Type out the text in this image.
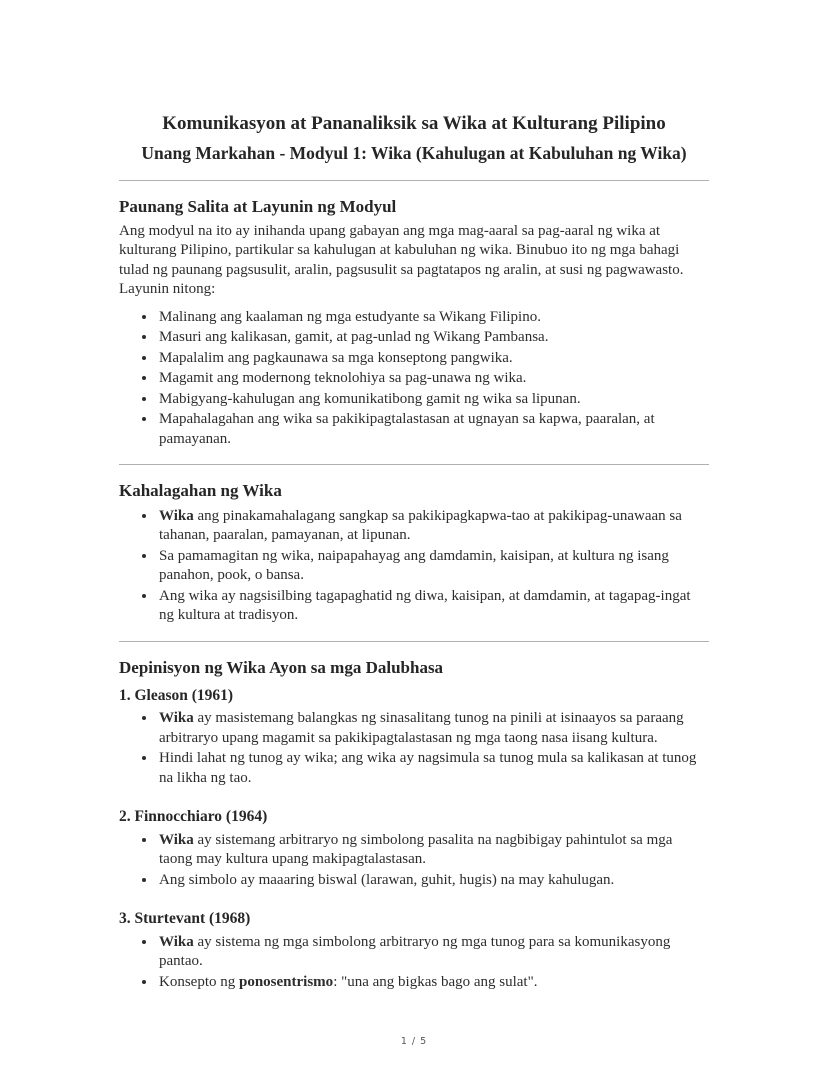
Komunikasyon at Pananaliksik sa Wika at Kulturang Pilipino
Unang Markahan - Modyul 1: Wika (Kahulugan at Kabuluhan ng Wika)
Paunang Salita at Layunin ng Modyul

Ang modyul na ito ay inihanda upang gabayan ang mga mag-aaral sa pag-aaral ng wika at kulturang Pilipino, partikular sa kahulugan at kabuluhan ng wika. Binubuo ito ng mga bahagi tulad ng paunang pagsusulit, aralin, pagsusulit sa pagtatapos ng aralin, at susi ng pagwawasto. Layunin nitong:

• Malinang ang kaalaman ng mga estudyante sa Wikang Filipino.
• Masuri ang kalikasan, gamit, at pag-unlad ng Wikang Pambansa.
• Mapalalim ang pagkaunawa sa mga konseptong pangwika.
• Magamit ang modernong teknolohiya sa pag-unawa ng wika.
• Mabigyang-kahulugan ang komunikatibong gamit ng wika sa lipunan.
• Mapahalagahan ang wika sa pakikipagtalastasan at ugnayan sa kapwa, paaralan, at pamayanan.
Kahalagahan ng Wika
• Wika ang pinakamahalagang sangkap sa pakikipagkapwa-tao at pakikipag-unawaan sa tahanan, paaralan, pamayanan, at lipunan.
• Sa pamamagitan ng wika, naipapahayag ang damdamin, kaisipan, at kultura ng isang panahon, pook, o bansa.
• Ang wika ay nagsisilbing tagapaghatid ng diwa, kaisipan, at damdamin, at tagapag-ingat ng kultura at tradisyon.
Depinisyon ng Wika Ayon sa mga Dalubhasa
1. Gleason (1961)
• Wika ay masistemang balangkas ng sinasalitang tunog na pinili at isinaayos sa paraang arbitraryo upang magamit sa pakikipagtalastasan ng mga taong nasa iisang kultura.
• Hindi lahat ng tunog ay wika; ang wika ay nagsimula sa tunog mula sa kalikasan at tunog na likha ng tao.
2. Finnocchiaro (1964)
• Wika ay sistemang arbitraryo ng simbolong pasalita na nagbibigay pahintulot sa mga taong may kultura upang makipagtalastasan.
• Ang simbolo ay maaaring biswal (larawan, guhit, hugis) na may kahulugan.
3. Sturtevant (1968)
• Wika ay sistema ng mga simbolong arbitraryo ng mga tunog para sa komunikasyong pantao.
• Konsepto ng ponosentrismo: "una ang bigkas bago ang sulat".
1 / 5
